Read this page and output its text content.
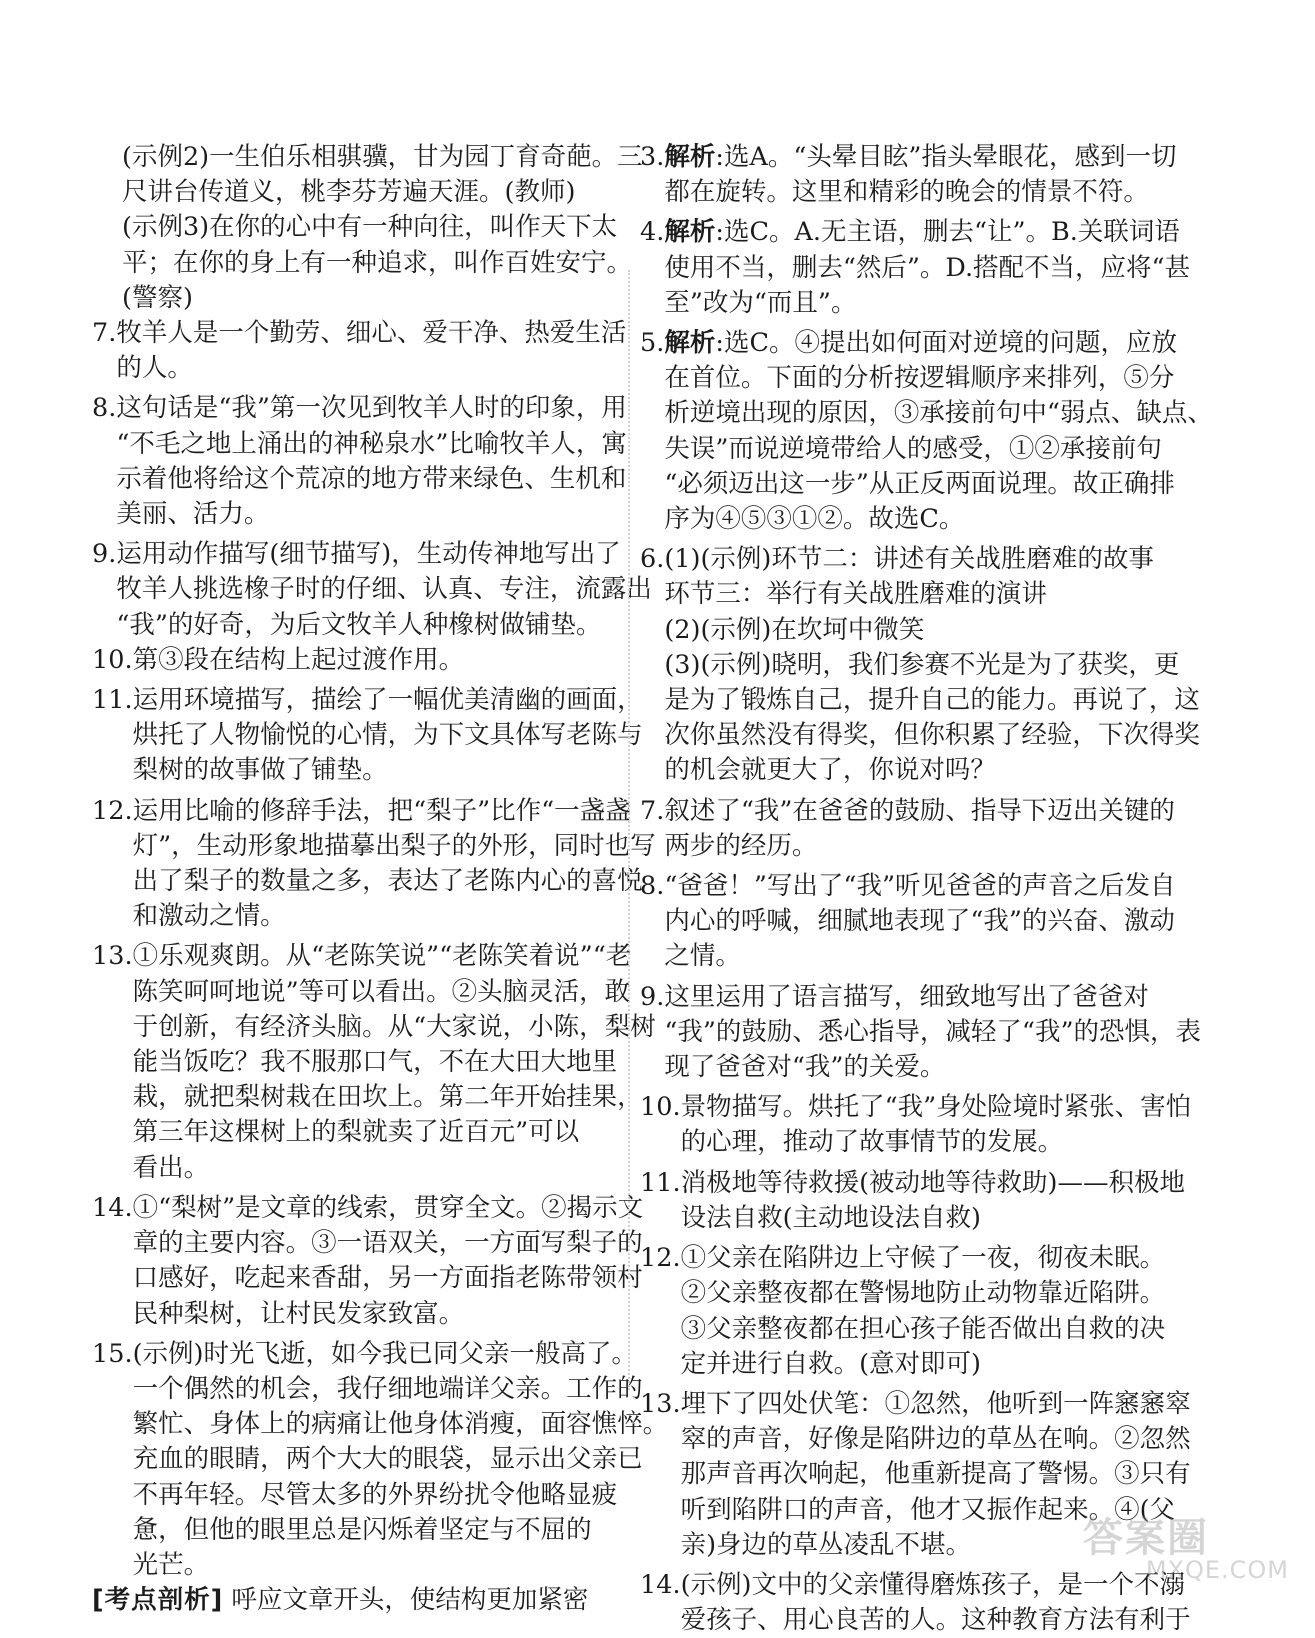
(示例2)一生伯乐相骐骥，甘为园丁育奇葩。三
尺讲台传道义，桃李芬芳遍天涯。(教师)
(示例3)在你的心中有一种向往，叫作天下太
平；在你的身上有一种追求，叫作百姓安宁。
(警察)
7. 牧羊人是一个勤劳、细心、爱干净、热爱生活
的人。
8. 这句话是“我”第一次见到牧羊人时的印象，用
“不毛之地上涌出的神秘泉水”比喻牧羊人，寓
示着他将给这个荒凉的地方带来绿色、生机和
美丽、活力。
9. 运用动作描写(细节描写)，生动传神地写出了
牧羊人挑选橡子时的仔细、认真、专注，流露出
“我”的好奇，为后文牧羊人种橡树做铺垫。
10. 第③段在结构上起过渡作用。
11. 运用环境描写，描绘了一幅优美清幽的画面，
烘托了人物愉悦的心情，为下文具体写老陈与
梨树的故事做了铺垫。
12. 运用比喻的修辞手法，把“梨子”比作“一盏盏
灯”，生动形象地描摹出梨子的外形，同时也写
出了梨子的数量之多，表达了老陈内心的喜悦
和激动之情。
13. ①乐观爽朗。从“老陈笑说”“老陈笑着说”“老
陈笑呵呵地说”等可以看出。②头脑灵活，敢
于创新，有经济头脑。从“大家说，小陈，梨树
能当饭吃？我不服那口气，不在大田大地里
栽，就把梨树栽在田坎上。第二年开始挂果，
第三年这棵树上的梨就卖了近百元”可以
看出。
14. ①“梨树”是文章的线索，贯穿全文。②揭示文
章的主要内容。③一语双关，一方面写梨子的
口感好，吃起来香甜，另一方面指老陈带领村
民种梨树，让村民发家致富。
15. (示例)时光飞逝，如今我已同父亲一般高了。
一个偶然的机会，我仔细地端详父亲。工作的
繁忙、身体上的病痛让他身体消瘦，面容憔悴。
充血的眼睛，两个大大的眼袋，显示出父亲已
不再年轻。尽管太多的外界纷扰令他略显疲
惫，但他的眼里总是闪烁着坚定与不屈的
光芒。
[考点剖析] 呼应文章开头，使结构更加紧密
3. 解析:选A。“头晕目眩”指头晕眼花，感到一切
都在旋转。这里和精彩的晚会的情景不符。
4. 解析:选C。A.无主语，删去“让”。B.关联词语
使用不当，删去“然后”。D.搭配不当，应将“甚
至”改为“而且”。
5. 解析:选C。④提出如何面对逆境的问题，应放
在首位。下面的分析按逻辑顺序来排列，⑤分
析逆境出现的原因，③承接前句中“弱点、缺点、
失误”而说逆境带给人的感受，①②承接前句
“必须迈出这一步”从正反两面说理。故正确排
序为④⑤③①②。故选C。
6. (1)(示例)环节二：讲述有关战胜磨难的故事
环节三：举行有关战胜磨难的演讲
(2)(示例)在坎坷中微笑
(3)(示例)晓明，我们参赛不光是为了获奖，更
是为了锻炼自己，提升自己的能力。再说了，这
次你虽然没有得奖，但你积累了经验，下次得奖
的机会就更大了，你说对吗？
7. 叙述了“我”在爸爸的鼓励、指导下迈出关键的
两步的经历。
8. “爸爸！”写出了“我”听见爸爸的声音之后发自
内心的呼喊，细腻地表现了“我”的兴奋、激动
之情。
9. 这里运用了语言描写，细致地写出了爸爸对
“我”的鼓励、悉心指导，减轻了“我”的恐惧，表
现了爸爸对“我”的关爱。
10. 景物描写。烘托了“我”身处险境时紧张、害怕
的心理，推动了故事情节的发展。
11. 消极地等待救援(被动地等待救助)——积极地
设法自救(主动地设法自救)
12. ①父亲在陷阱边上守候了一夜，彻夜未眠。
②父亲整夜都在警惕地防止动物靠近陷阱。
③父亲整夜都在担心孩子能否做出自救的决
定并进行自救。(意对即可)
13. 埋下了四处伏笔：①忽然，他听到一阵窸窸窣
窣的声音，好像是陷阱边的草丛在响。②忽然
那声音再次响起，他重新提高了警惕。③只有
听到陷阱口的声音，他才又振作起来。④(父
亲)身边的草丛凌乱不堪。
14. (示例)文中的父亲懂得磨炼孩子，是一个不溺
爱孩子、用心良苦的人。这种教育方法有利于
答案圈
MXQE.COM
